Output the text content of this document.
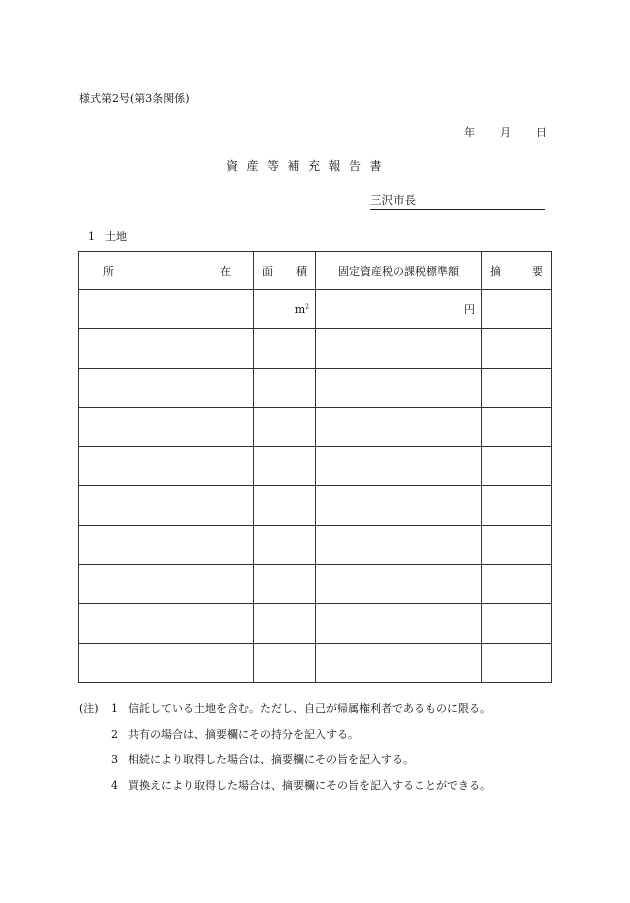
様式第2号(第3条関係)
年 月 日
資産等補充報告書
三沢市長
1 土地
所 在	面 積	固定資産税の課税標準額	摘 要

	$m^2$	円	

(注)	1 信託している土地を含む。ただし、自己が帰属権利者であるものに限る。
2 共有の場合は、摘要欄にその持分を記入する。
3 相続により取得した場合は、摘要欄にその旨を記入する。
4 買換えにより取得した場合は、摘要欄にその旨を記入することができる。
